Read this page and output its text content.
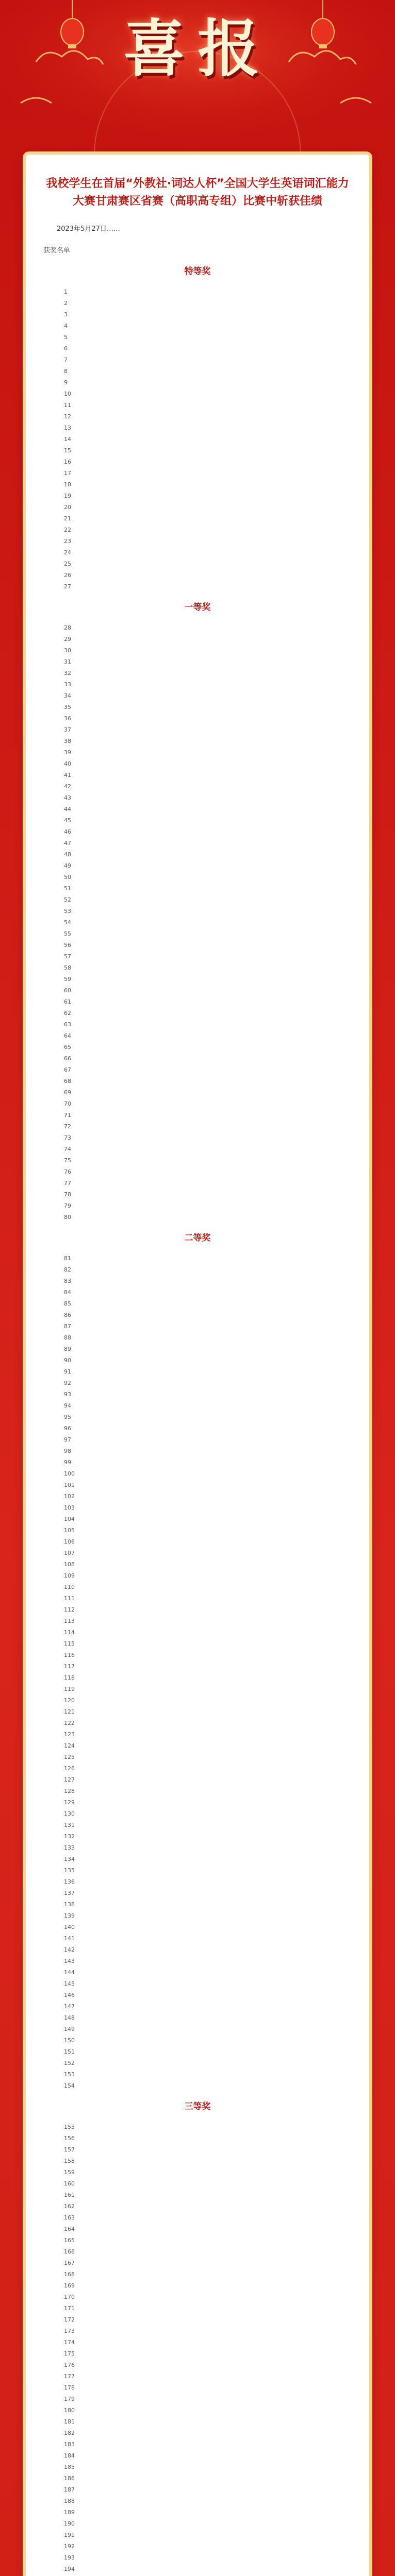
喜报
我校学生在首届“外教社·词达人杯”全国大学生英语词汇能力大赛甘肃赛区省赛（高职高专组）比赛中斩获佳绩
2023年5月27日……
获奖名单
特等奖
1
2
3
4
5
6
7
8
9
10
11
12
13
14
15
16
17
18
19
20
21
22
23
24
25
26
27
一等奖
28
29
30
31
32
33
34
35
36
37
38
39
40
41
42
43
44
45
46
47
48
49
50
51
52
53
54
55
56
57
58
59
60
61
62
63
64
65
66
67
68
69
70
71
72
73
74
75
76
77
78
79
80
二等奖
81
82
83
84
85
86
87
88
89
90
91
92
93
94
95
96
97
98
99
100
101
102
103
104
105
106
107
108
109
110
111
112
113
114
115
116
117
118
119
120
121
122
123
124
125
126
127
128
129
130
131
132
133
134
135
136
137
138
139
140
141
142
143
144
145
146
147
148
149
150
151
152
153
154
三等奖
155
156
157
158
159
160
161
162
163
164
165
166
167
168
169
170
171
172
173
174
175
176
177
178
179
180
181
182
183
184
185
186
187
188
189
190
191
192
193
194
